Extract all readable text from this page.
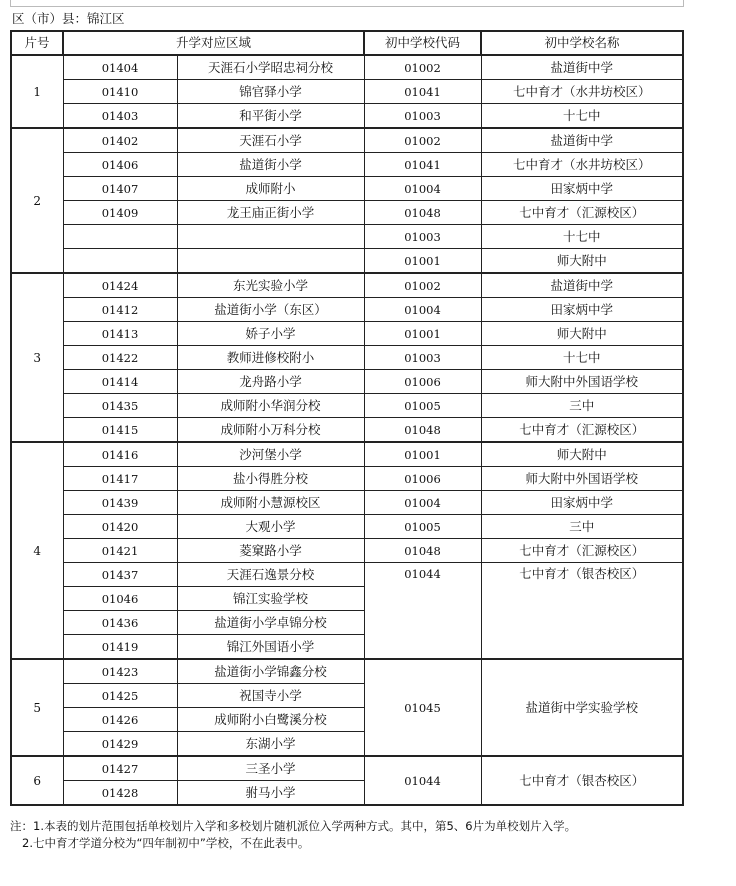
区（市）县：锦江区
片号	升学对应区域		初中学校代码	初中学校名称
1	01404	天涯石小学昭忠祠分校	01002	盐道街中学
	01410	锦官驿小学	01041	七中育才（水井坊校区）
	01403	和平街小学	01003	十七中
2	01402	天涯石小学	01002	盐道街中学
	01406	盐道街小学	01041	七中育才（水井坊校区）
	01407	成师附小	01004	田家炳中学
	01409	龙王庙正街小学	01048	七中育才（汇源校区）
			01003	十七中
			01001	师大附中
3	01424	东光实验小学	01002	盐道街中学
	01412	盐道街小学（东区）	01004	田家炳中学
	01413	娇子小学	01001	师大附中
	01422	教师进修校附小	01003	十七中
	01414	龙舟路小学	01006	师大附中外国语学校
	01435	成师附小华润分校	01005	三中
	01415	成师附小万科分校	01048	七中育才（汇源校区）
4	01416	沙河堡小学	01001	师大附中
	01417	盐小得胜分校	01006	师大附中外国语学校
	01439	成师附小慧源校区	01004	田家炳中学
	01420	大观小学	01005	三中
	01421	菱窠路小学	01048	七中育才（汇源校区）
	01437	天涯石逸景分校	01044	七中育才（银杏校区）
	01046	锦江实验学校		
	01436	盐道街小学卓锦分校		
	01419	锦江外国语小学		
5	01423	盐道街小学锦鑫分校	01045	盐道街中学实验学校
	01425	祝国寺小学		
	01426	成师附小白鹭溪分校		
	01429	东湖小学		
6	01427	三圣小学	01044	七中育才（银杏校区）
	01428	驸马小学		
注：1.本表的划片范围包括单校划片入学和多校划片随机派位入学两种方式。其中，第5、6片为单校划片入学。
2.七中育才学道分校为“四年制初中”学校，不在此表中。
